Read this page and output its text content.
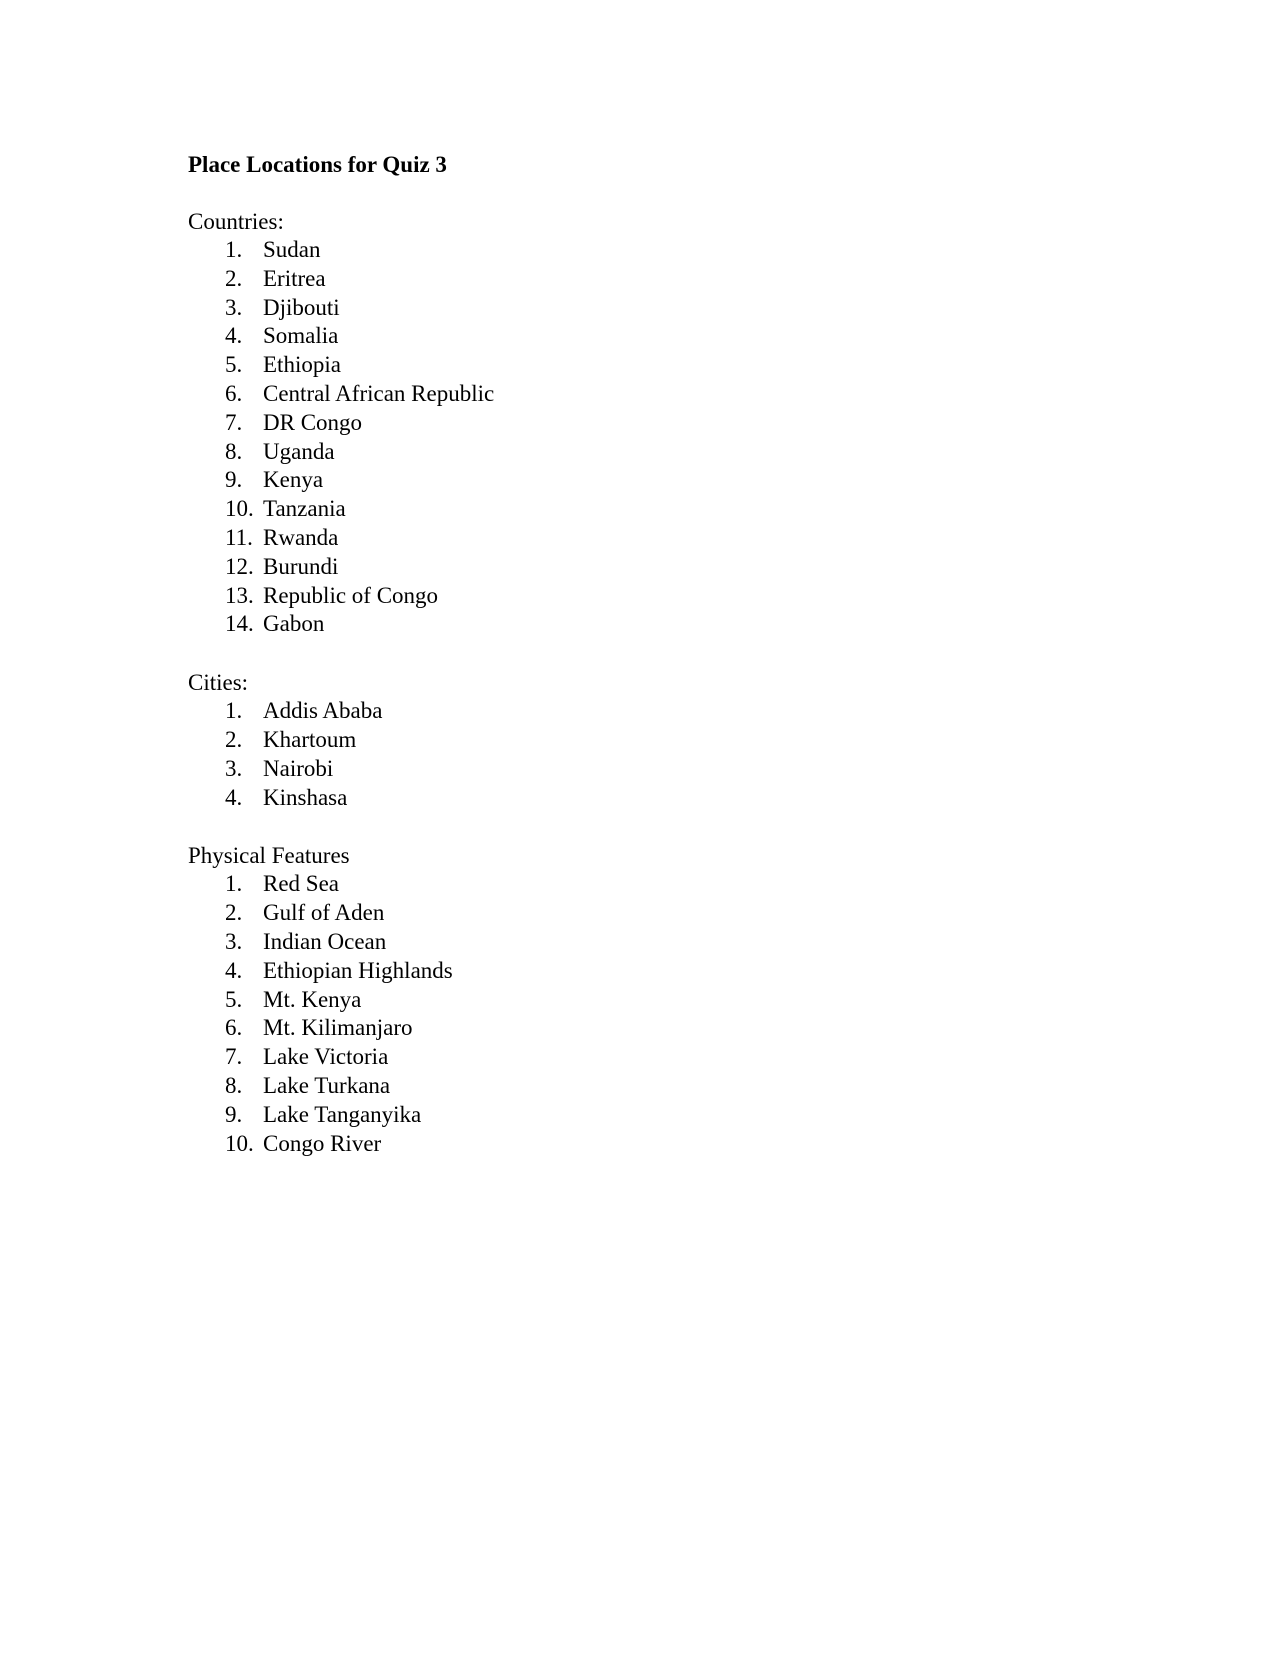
Place Locations for Quiz 3
Countries:
1. Sudan
2. Eritrea
3. Djibouti
4. Somalia
5. Ethiopia
6. Central African Republic
7. DR Congo
8. Uganda
9. Kenya
10. Tanzania
11. Rwanda
12. Burundi
13. Republic of Congo
14. Gabon
Cities:
1. Addis Ababa
2. Khartoum
3. Nairobi
4. Kinshasa
Physical Features
1. Red Sea
2. Gulf of Aden
3. Indian Ocean
4. Ethiopian Highlands
5. Mt. Kenya
6. Mt. Kilimanjaro
7. Lake Victoria
8. Lake Turkana
9. Lake Tanganyika
10. Congo River
